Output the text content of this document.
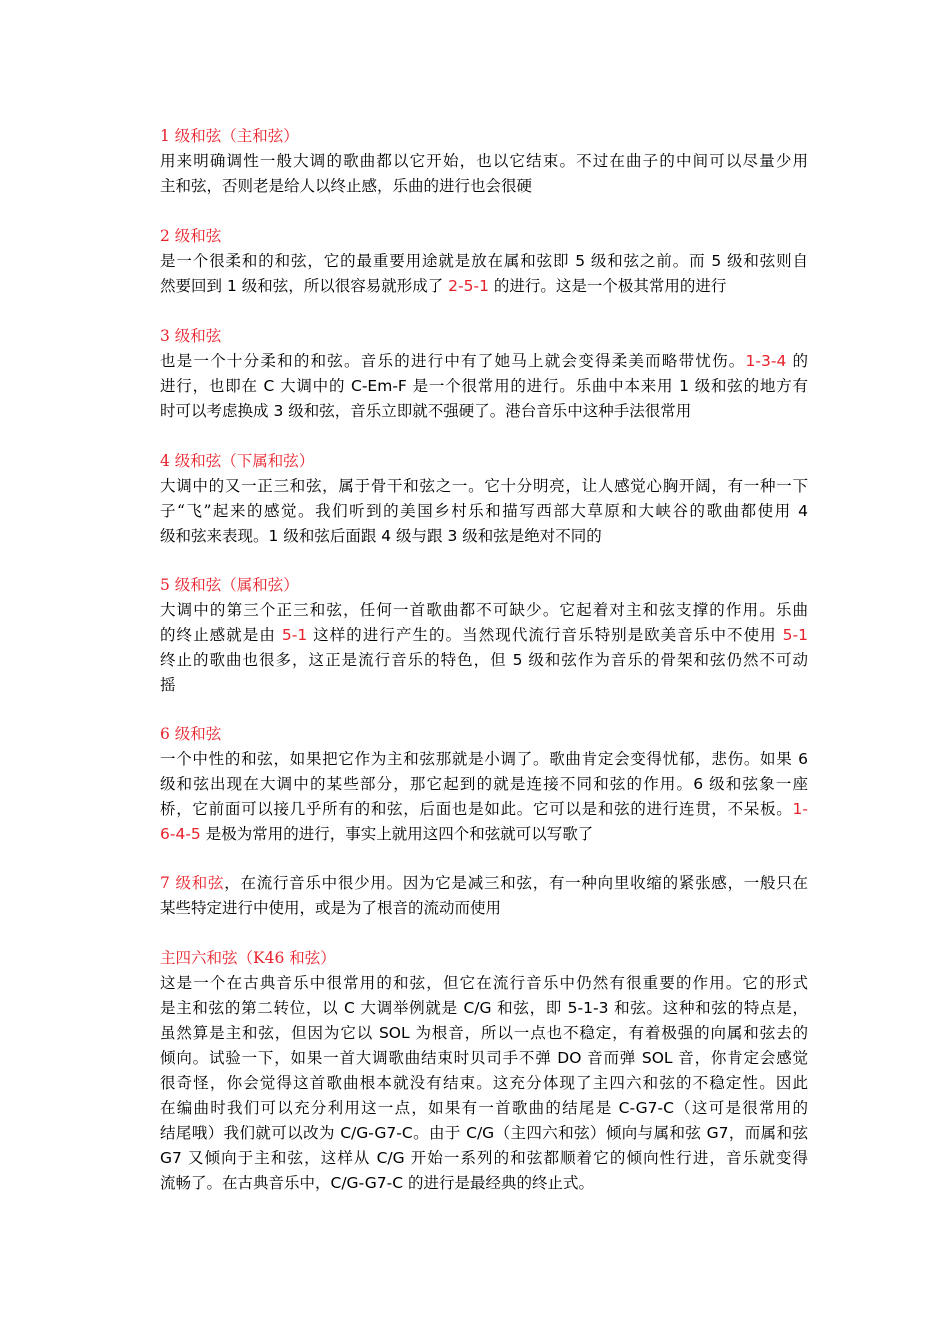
1 级和弦（主和弦）
用来明确调性一般大调的歌曲都以它开始，也以它结束。不过在曲子的中间可以尽量少用
主和弦，否则老是给人以终止感，乐曲的进行也会很硬
2 级和弦
是一个很柔和的和弦，它的最重要用途就是放在属和弦即 5 级和弦之前。而 5 级和弦则自
然要回到 1 级和弦，所以很容易就形成了 2-5-1 的进行。这是一个极其常用的进行
3 级和弦
也是一个十分柔和的和弦。音乐的进行中有了她马上就会变得柔美而略带忧伤。1-3-4 的
进行，也即在 C 大调中的 C-Em-F 是一个很常用的进行。乐曲中本来用 1 级和弦的地方有
时可以考虑换成 3 级和弦，音乐立即就不强硬了。港台音乐中这种手法很常用
4 级和弦（下属和弦）
大调中的又一正三和弦，属于骨干和弦之一。它十分明亮，让人感觉心胸开阔，有一种一下
子“飞”起来的感觉。我们听到的美国乡村乐和描写西部大草原和大峡谷的歌曲都使用 4
级和弦来表现。1 级和弦后面跟 4 级与跟 3 级和弦是绝对不同的
5 级和弦（属和弦）
大调中的第三个正三和弦，任何一首歌曲都不可缺少。它起着对主和弦支撑的作用。乐曲
的终止感就是由 5-1 这样的进行产生的。当然现代流行音乐特别是欧美音乐中不使用 5-1
终止的歌曲也很多，这正是流行音乐的特色，但 5 级和弦作为音乐的骨架和弦仍然不可动
摇
6 级和弦
一个中性的和弦，如果把它作为主和弦那就是小调了。歌曲肯定会变得忧郁，悲伤。如果 6
级和弦出现在大调中的某些部分，那它起到的就是连接不同和弦的作用。6 级和弦象一座
桥，它前面可以接几乎所有的和弦，后面也是如此。它可以是和弦的进行连贯，不呆板。1-
6-4-5 是极为常用的进行，事实上就用这四个和弦就可以写歌了
7 级和弦，在流行音乐中很少用。因为它是减三和弦，有一种向里收缩的紧张感，一般只在
某些特定进行中使用，或是为了根音的流动而使用
主四六和弦（K46 和弦）
这是一个在古典音乐中很常用的和弦，但它在流行音乐中仍然有很重要的作用。它的形式
是主和弦的第二转位，以 C 大调举例就是 C/G 和弦，即 5-1-3 和弦。这种和弦的特点是，
虽然算是主和弦，但因为它以 SOL 为根音，所以一点也不稳定，有着极强的向属和弦去的
倾向。试验一下，如果一首大调歌曲结束时贝司手不弹 DO 音而弹 SOL 音，你肯定会感觉
很奇怪，你会觉得这首歌曲根本就没有结束。这充分体现了主四六和弦的不稳定性。因此
在编曲时我们可以充分利用这一点，如果有一首歌曲的结尾是 C-G7-C（这可是很常用的
结尾哦）我们就可以改为 C/G-G7-C。由于 C/G（主四六和弦）倾向与属和弦 G7，而属和弦
G7 又倾向于主和弦，这样从 C/G 开始一系列的和弦都顺着它的倾向性行进，音乐就变得
流畅了。在古典音乐中，C/G-G7-C 的进行是最经典的终止式。
